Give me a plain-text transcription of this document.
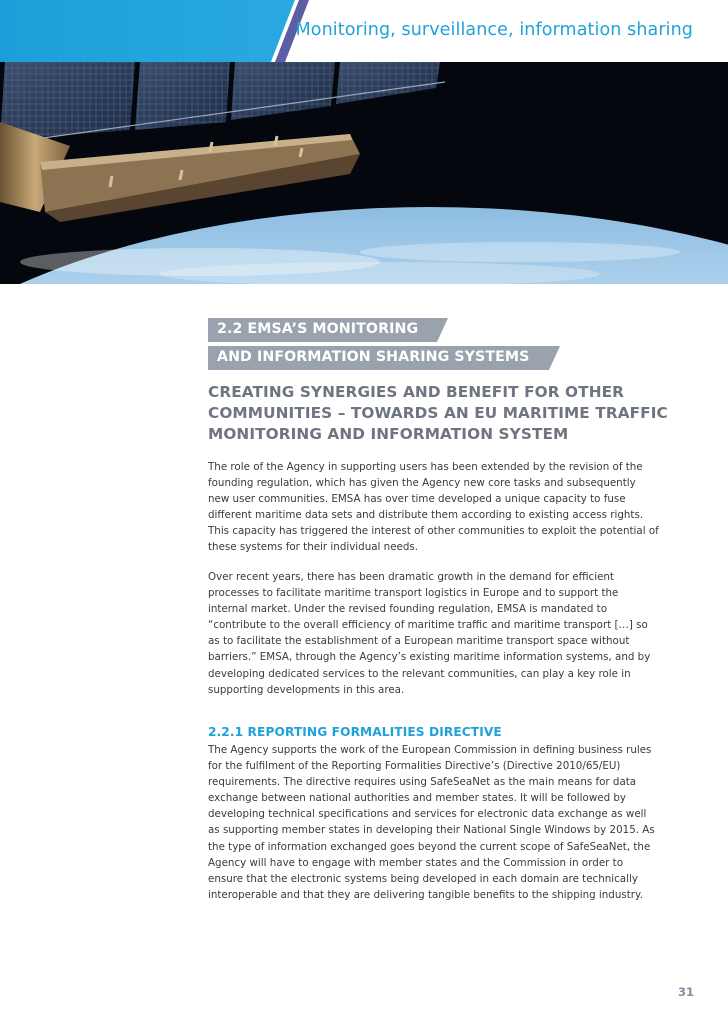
Monitoring, surveillance, information sharing
2.2 EMSA’S MONITORING
AND INFORMATION SHARING SYSTEMS
CREATING SYNERGIES AND BENEFIT FOR OTHER COMMUNITIES – TOWARDS AN EU MARITIME TRAFFIC MONITORING AND INFORMATION SYSTEM

The role of the Agency in supporting users has been extended by the revision of the founding regulation, which has given the Agency new core tasks and subsequently new user communities. EMSA has over time developed a unique capacity to fuse different maritime data sets and distribute them according to existing access rights. This capacity has triggered the interest of other communities to exploit the potential of these systems for their individual needs.

Over recent years, there has been dramatic growth in the demand for efficient processes to facilitate maritime transport logistics in Europe and to support the internal market. Under the revised founding regulation, EMSA is mandated to “contribute to the overall efficiency of maritime traffic and maritime transport […] so as to facilitate the establishment of a European maritime transport space without barriers.” EMSA, through the Agency’s existing maritime information systems, and by developing dedicated services to the relevant communities, can play a key role in supporting developments in this area.

2.2.1 REPORTING FORMALITIES DIRECTIVE

The Agency supports the work of the European Commission in defining business rules for the fulfilment of the Reporting Formalities Directive’s (Directive 2010/65/EU) requirements. The directive requires using SafeSeaNet as the main means for data exchange between national authorities and member states. It will be followed by developing technical specifications and services for electronic data exchange as well as supporting member states in developing their National Single Windows by 2015. As the type of information exchanged goes beyond the current scope of SafeSeaNet, the Agency will have to engage with member states and the Commission in order to ensure that the electronic systems being developed in each domain are technically interoperable and that they are delivering tangible benefits to the shipping industry.

31
